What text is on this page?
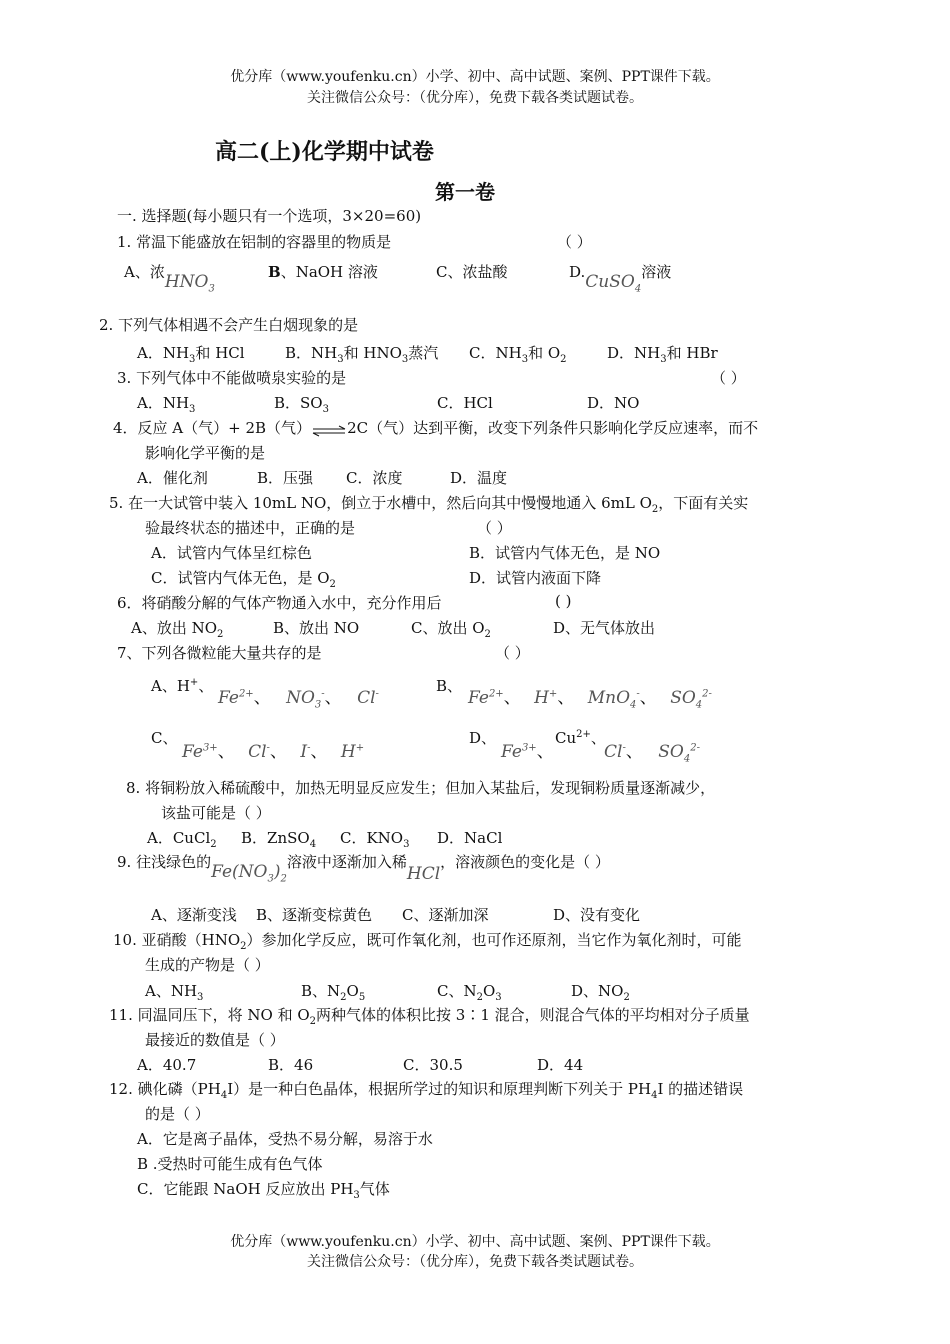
优分库（www.youfenku.cn）小学、初中、高中试题、案例、PPT课件下载。
关注微信公众号：（优分库），免费下载各类试题试卷。
高二(上)化学期中试卷
第一卷
一. 选择题(每小题只有一个选项，3×20=60)
1. 常温下能盛放在铝制的容器里的物质是	（ ）
A、浓$HNO_3$
B、NaOH 溶液	C、浓盐酸	D.CuSO$_4$溶液
2. 下列气体相遇不会产生白烟现象的是
A．$NH_3$和 HCl	B．$NH_3$和 $HNO_3$蒸汽 C．$NH_3$和 $O_2$	D．$NH_3$和 HBr
3. 下列气体中不能做喷泉实验的是	（ ）
A．$NH_3$	B．$SO_3$	C．HCl	D．NO
4．反应 A（气）+ 2B（气）⇌2C（气）达到平衡，改变下列条件只影响化学反应速率，而不
影响化学平衡的是
A．催化剂	B．压强 C．浓度	D．温度
5. 在一大试管中装入 10mL NO，倒立于水槽中，然后向其中慢慢地通入 6mL $O_2$，下面有关实
验最终状态的描述中，正确的是	（ ）
A．试管内气体呈红棕色	B．试管内气体无色，是 NO
C．试管内气体无色，是 $O_2$	D．试管内液面下降
6．将硝酸分解的气体产物通入水中，充分作用后	( )
A、放出 $NO_2$	B、放出 NO	C、放出 $O_2$	D、无气体放出
7、下列各微粒能大量共存的是	（ ）
A、H+、
$Fe^{2+}$、 $NO_3^-$、 Cl-	B、
$Fe^{2+}$、 H+、 MnO$_4$-、 $SO_4^{2-}$
C、
$Fe^{3+}$、 Cl-、 I-、 H+
D、
$Fe^{3+}$、
$Cu^{2+}$、
Cl-、 $SO_4^{2-}$
8. 将铜粉放入稀硫酸中，加热无明显反应发生；但加入某盐后，发现铜粉质量逐渐减少，
该盐可能是（ ）
A．CuCl$_2$ B．ZnSO$_4$ C．$KNO_3$ D．NaCl
9. 往浅绿色的$Fe(NO_3)_2$溶液中逐渐加入稀HCl，溶液颜色的变化是（ ）
A、逐渐变浅 B、逐渐变棕黄色 C、逐渐加深	D、没有变化
10. 亚硝酸$(HNO_2)$参加化学反应，既可作氧化剂，也可作还原剂，当它作为氧化剂时，可能
生成的产物是（ ）
A、$NH_3$	B、$N_2O_5$	C、$N_2O_3$	D、$NO_2$
11. 同温同压下，将 NO 和 $O_2$两种气体的体积比按 3∶1 混合，则混合气体的平均相对分子质量
最接近的数值是（ ）
A．40.7	B．46	C．30.5	D．44
12. 碘化磷$(PH_4I)$是一种白色晶体，根据所学过的知识和原理判断下列关于 $PH_4I$ 的描述错误
的是（ ）
A．它是离子晶体，受热不易分解，易溶于水
B .受热时可能生成有色气体
C．它能跟 NaOH 反应放出 $PH_3$气体
优分库（www.youfenku.cn）小学、初中、高中试题、案例、PPT课件下载。
关注微信公众号：（优分库），免费下载各类试题试卷。
